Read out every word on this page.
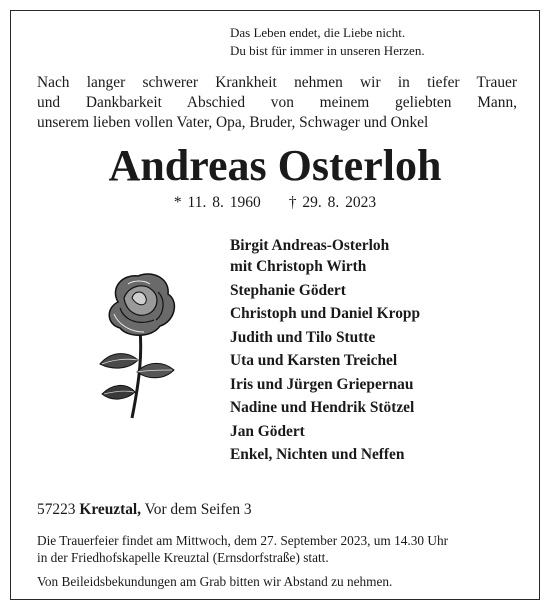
Das Leben endet, die Liebe nicht.
Du bist für immer in unseren Herzen.
Nach langer schwerer Krankheit nehmen wir in tiefer Trauer
und Dankbarkeit Abschied von meinem geliebten Mann,
unserem lieben vollen Vater, Opa, Bruder, Schwager und Onkel
Andreas Osterloh
* 11. 8. 1960 † 29. 8. 2023
Birgit Andreas-Osterloh
mit Christoph Wirth
Stephanie Gödert
Christoph und Daniel Kropp
Judith und Tilo Stutte
Uta und Karsten Treichel
Iris und Jürgen Griepernau
Nadine und Hendrik Stötzel
Jan Gödert
Enkel, Nichten und Neffen
57223 Kreuztal, Vor dem Seifen 3
Die Trauerfeier findet am Mittwoch, dem 27. September 2023, um 14.30 Uhr
in der Friedhofskapelle Kreuztal (Ernsdorfstraße) statt.
Von Beileidsbekundungen am Grab bitten wir Abstand zu nehmen.
